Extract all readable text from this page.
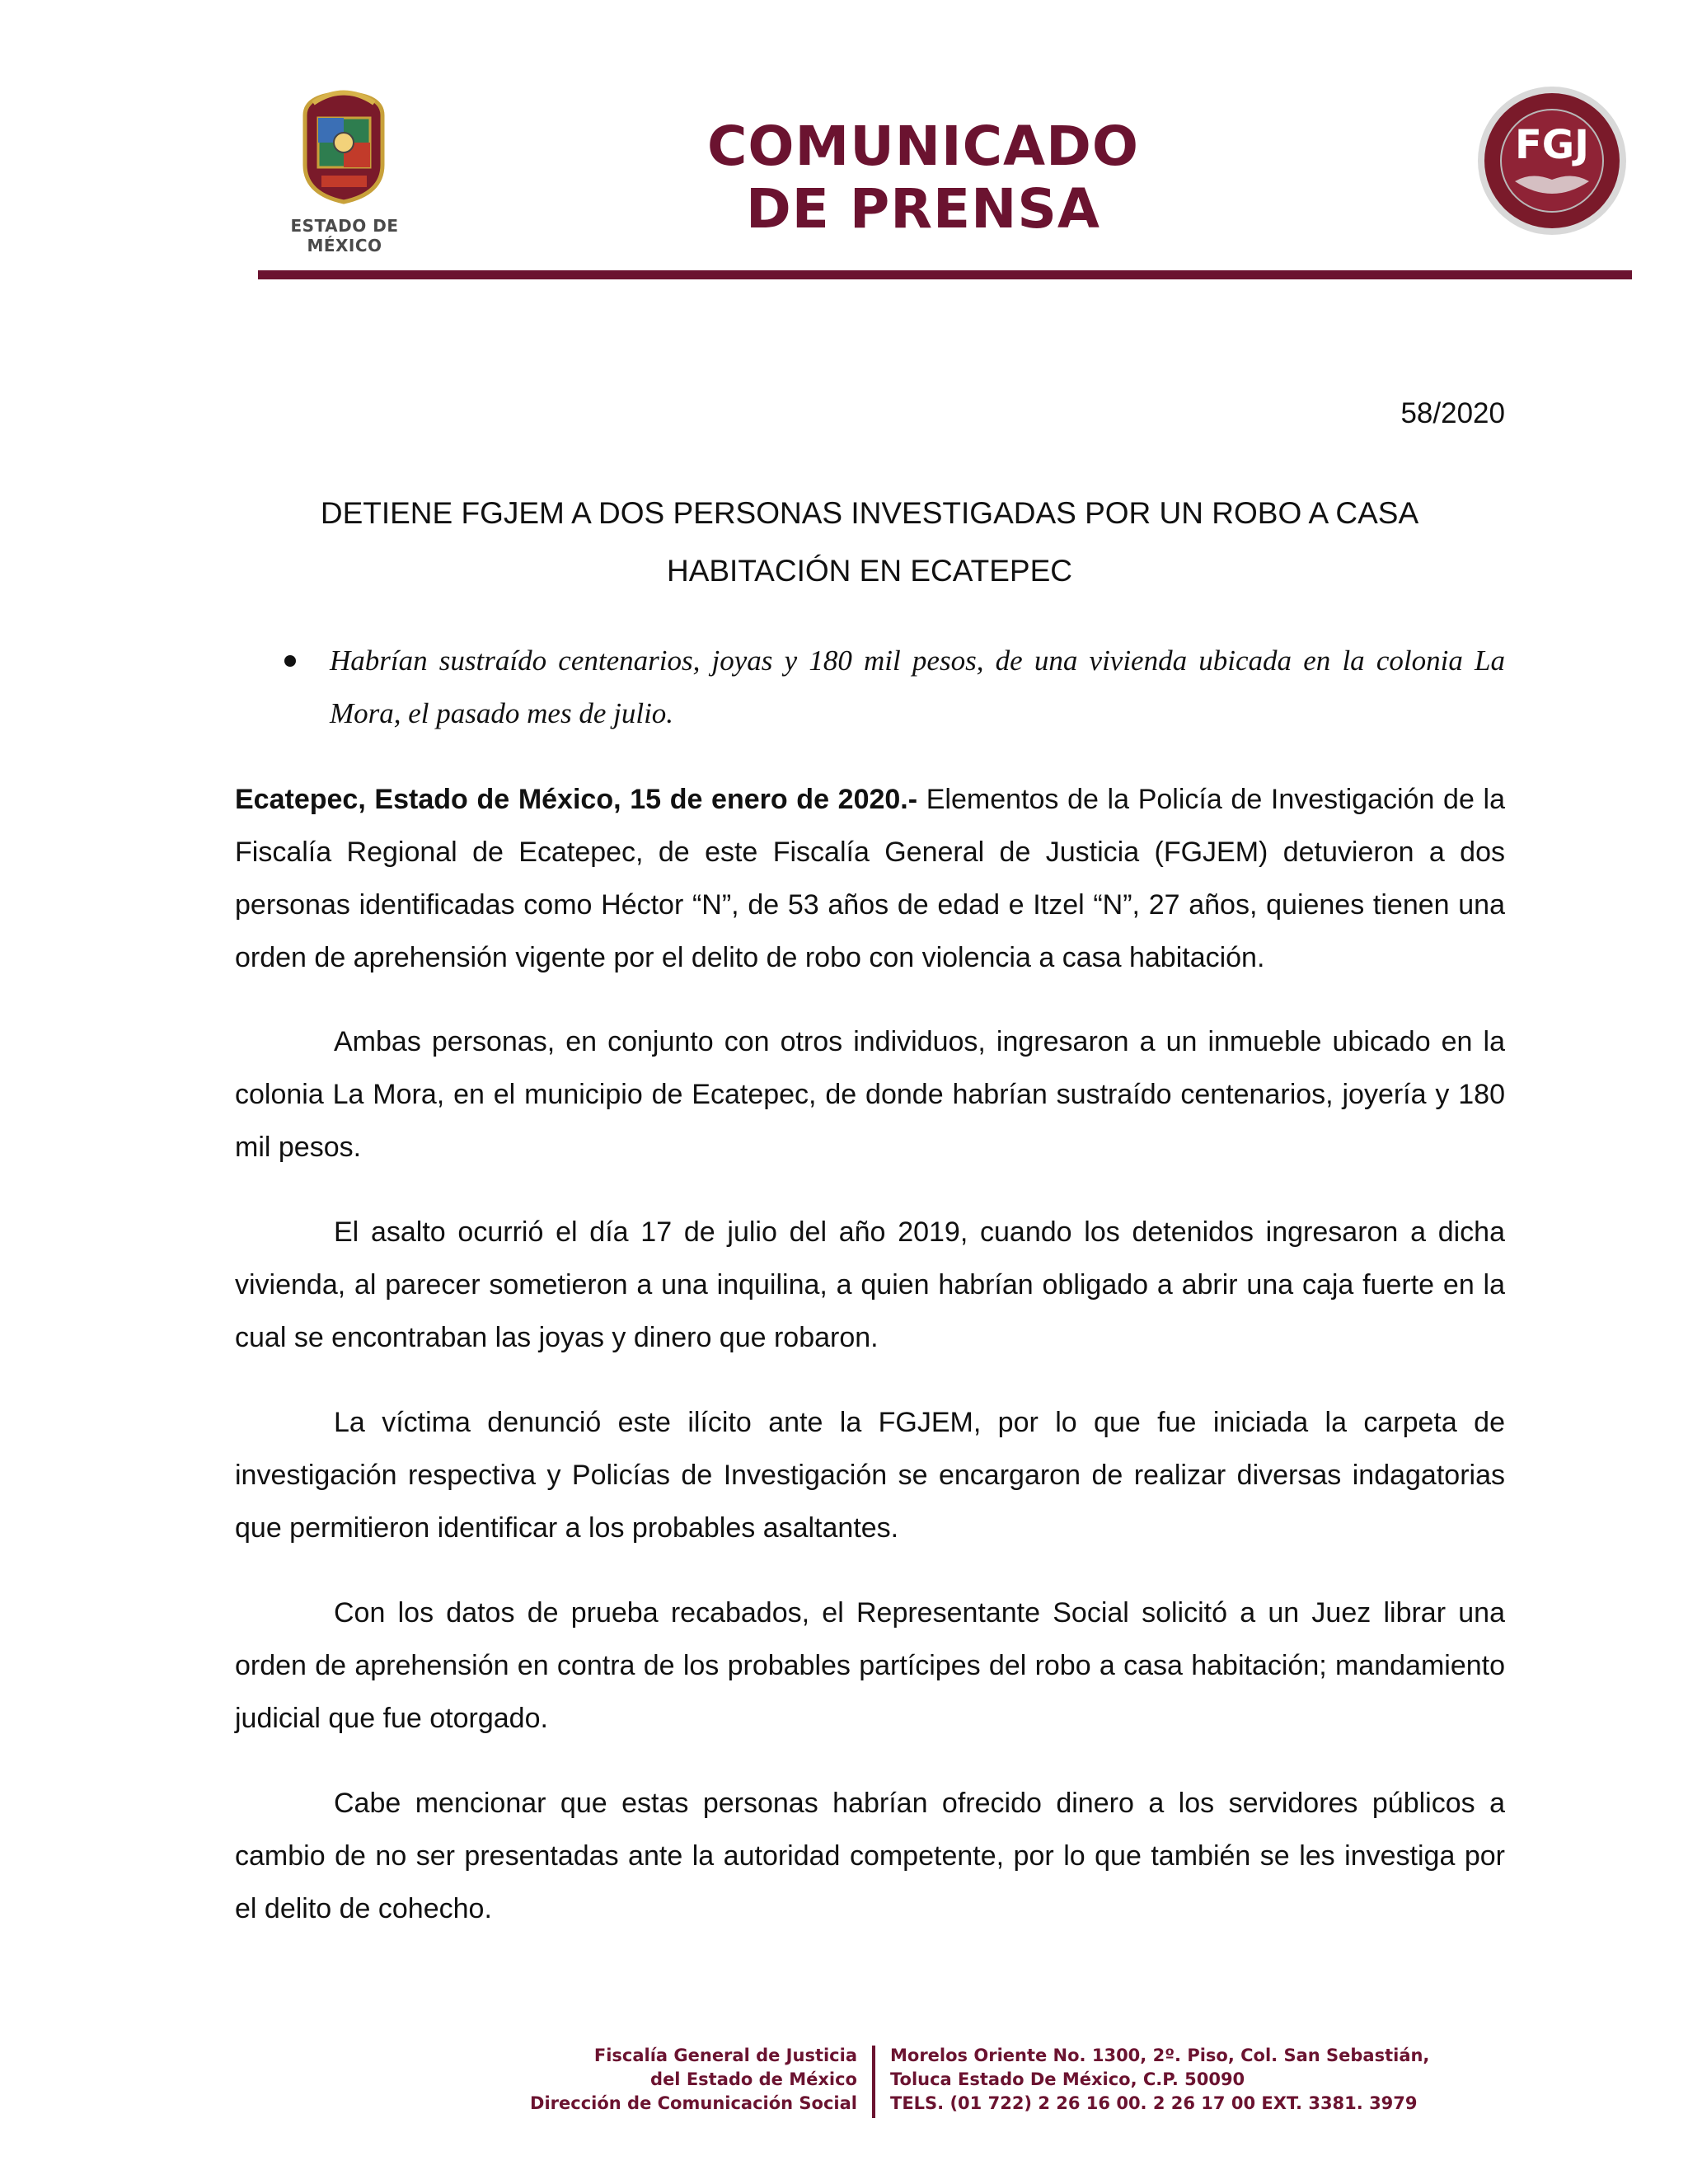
ESTADO DE MÉXICO
COMUNICADO
DE PRENSA
FGJ
58/2020
DETIENE FGJEM A DOS PERSONAS INVESTIGADAS POR UN ROBO A CASA
HABITACIÓN EN ECATEPEC
Habrían sustraído centenarios, joyas y 180 mil pesos, de una vivienda ubicada en la colonia La Mora, el pasado mes de julio.

Ecatepec, Estado de México, 15 de enero de 2020.- Elementos de la Policía de Investigación de la Fiscalía Regional de Ecatepec, de este Fiscalía General de Justicia (FGJEM) detuvieron a dos personas identificadas como Héctor “N”, de 53 años de edad e Itzel “N”, 27 años, quienes tienen una orden de aprehensión vigente por el delito de robo con violencia a casa habitación.

Ambas personas, en conjunto con otros individuos, ingresaron a un inmueble ubicado en la colonia La Mora, en el municipio de Ecatepec, de donde habrían sustraído centenarios, joyería y 180 mil pesos.

El asalto ocurrió el día 17 de julio del año 2019, cuando los detenidos ingresaron a dicha vivienda, al parecer sometieron a una inquilina, a quien habrían obligado a abrir una caja fuerte en la cual se encontraban las joyas y dinero que robaron.

La víctima denunció este ilícito ante la FGJEM, por lo que fue iniciada la carpeta de investigación respectiva y Policías de Investigación se encargaron de realizar diversas indagatorias que permitieron identificar a los probables asaltantes.

Con los datos de prueba recabados, el Representante Social solicitó a un Juez librar una orden de aprehensión en contra de los probables partícipes del robo a casa habitación; mandamiento judicial que fue otorgado.

Cabe mencionar que estas personas habrían ofrecido dinero a los servidores públicos a cambio de no ser presentadas ante la autoridad competente, por lo que también se les investiga por el delito de cohecho.

Fiscalía General de Justicia
del Estado de México
Dirección de Comunicación Social
Morelos Oriente No. 1300, 2º. Piso, Col. San Sebastián,
Toluca Estado De México, C.P. 50090
TELS. (01 722) 2 26 16 00. 2 26 17 00 EXT. 3381. 3979
